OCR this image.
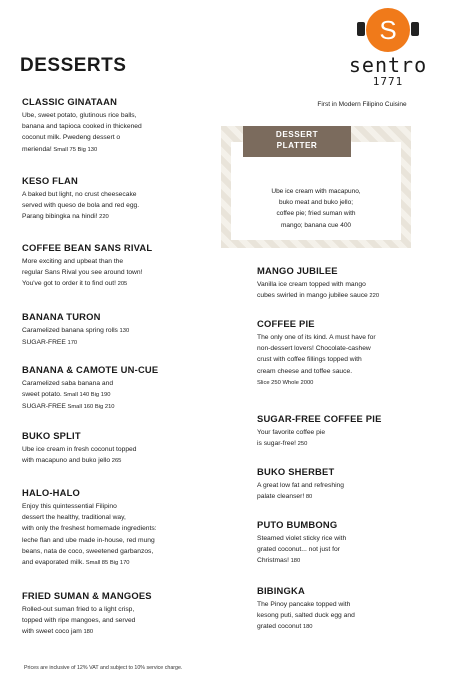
DESSERTS
S
sentro
1771
First in Modern Filipino Cuisine
Ube ice cream with macapuno,
buko meat and buko jello;
coffee pie; fried suman with
mango; banana cue 400
DESSERT
PLATTER
CLASSIC GINATAAN

Ube, sweet potato, glutinous rice balls,
banana and tapioca cooked in thickened
coconut milk. Pwedeng dessert o
merienda! Small 75 Big 130

KESO FLAN

A baked but light, no crust cheesecake
served with queso de bola and red egg.
Parang bibingka na hindi! 220

COFFEE BEAN SANS RIVAL

More exciting and upbeat than the
regular Sans Rival you see around town!
You've got to order it to find out! 205

BANANA TURON

Caramelized banana spring rolls 130

SUGAR-FREE 170

BANANA & CAMOTE UN-CUE

Caramelized saba banana and
sweet potato. Small 140 Big 190

SUGAR-FREE Small 160 Big 210

BUKO SPLIT

Ube ice cream in fresh coconut topped
with macapuno and buko jello 265

HALO-HALO

Enjoy this quintessential Filipino
dessert the healthy, traditional way,
with only the freshest homemade ingredients:
leche flan and ube made in-house, red mung
beans, nata de coco, sweetened garbanzos,
and evaporated milk. Small 85 Big 170

FRIED SUMAN & MANGOES

Rolled-out suman fried to a light crisp,
topped with ripe mangoes, and served
with sweet coco jam 180

MANGO JUBILEE

Vanilla ice cream topped with mango
cubes swirled in mango jubilee sauce 220

COFFEE PIE

The only one of its kind. A must have for
non-dessert lovers! Chocolate-cashew
crust with coffee fillings topped with
cream cheese and toffee sauce.
Slice 250 Whole 2000

SUGAR-FREE COFFEE PIE

Your favorite coffee pie
is sugar-free! 250

BUKO SHERBET

A great low fat and refreshing
palate cleanser! 80

PUTO BUMBONG

Steamed violet sticky rice with
grated coconut... not just for
Christmas! 180

BIBINGKA

The Pinoy pancake topped with
kesong puti, salted duck egg and
grated coconut 180

Prices are inclusive of 12% VAT and subject to 10% service charge.
